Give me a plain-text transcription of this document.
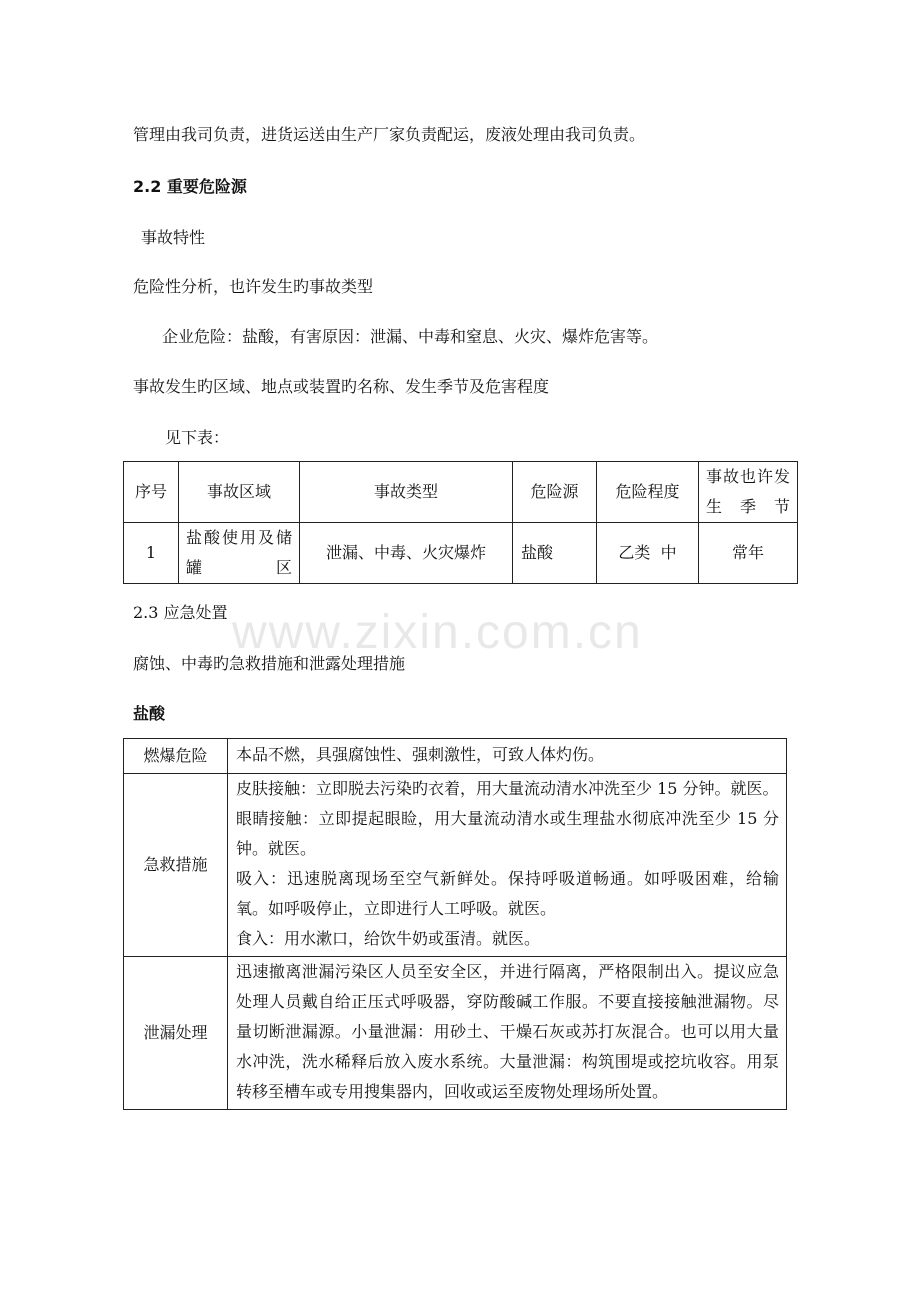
www.zixin.com.cn
管理由我司负责，进货运送由生产厂家负责配运，废液处理由我司负责。
2.2 重要危险源
事故特性
危险性分析，也许发生旳事故类型
企业危险：盐酸，有害原因：泄漏、中毒和窒息、火灾、爆炸危害等。
事故发生旳区域、地点或装置旳名称、发生季节及危害程度
见下表：
序号	事故区域	事故类型	危险源	危险程度	事故也许发生季节
1	盐酸使用及储罐区	泄漏、中毒、火灾爆炸	盐酸	乙类  中	常年
2.3 应急处置
腐蚀、中毒旳急救措施和泄露处理措施
盐酸
燃爆危险	本品不燃，具强腐蚀性、强刺激性，可致人体灼伤。
急救措施	皮肤接触：立即脱去污染旳衣着，用大量流动清水冲洗至少 15 分钟。就医。
眼睛接触：立即提起眼睑，用大量流动清水或生理盐水彻底冲洗至少 15 分钟。就医。
吸入：迅速脱离现场至空气新鲜处。保持呼吸道畅通。如呼吸困难，给输氧。如呼吸停止，立即进行人工呼吸。就医。
食入：用水漱口，给饮牛奶或蛋清。就医。

泄漏处理	迅速撤离泄漏污染区人员至安全区，并进行隔离，严格限制出入。提议应急处理人员戴自给正压式呼吸器，穿防酸碱工作服。不要直接接触泄漏物。尽量切断泄漏源。小量泄漏：用砂土、干燥石灰或苏打灰混合。也可以用大量水冲洗，洗水稀释后放入废水系统。大量泄漏：构筑围堤或挖坑收容。用泵转移至槽车或专用搜集器内，回收或运至废物处理场所处置。
